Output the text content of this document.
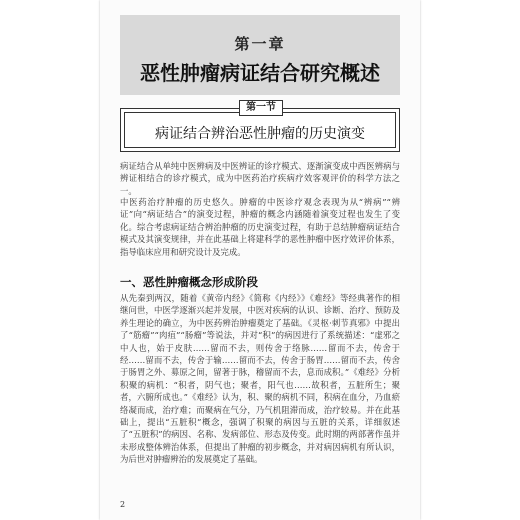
第一章
恶性肿瘤病证结合研究概述
第一节
病证结合辨治恶性肿瘤的历史演变
病证结合从单纯中医辨病及中医辨证的诊疗模式、逐渐演变成中西医辨病与辨证相结合的诊疗模式，成为中医药治疗疾病疗效客观评价的科学方法之一。
中医药治疗肿瘤的历史悠久。肿瘤的中医诊疗观念表现为从“辨病”“辨证”向“病证结合”的演变过程，肿瘤的概念内涵随着演变过程也发生了变化。综合考虑病证结合辨治肿瘤的历史演变过程，有助于总结肿瘤病证结合模式及其演变规律，并在此基础上将建科学的恶性肿瘤中医疗效评价体系，指导临床应用和研究设计及完成。
一、恶性肿瘤概念形成阶段
从先秦到两汉，随着《黄帝内经》《简称《内经》》《难经》等经典著作的相继问世，中医学逐渐兴起并发展，中医对疾病的认识、诊断、治疗、预防及养生理论的确立，为中医药辨治肿瘤奠定了基础。《灵枢·刺节真邪》中提出了“筋瘤”“肉疽”“肠瘤”等说法，并对“积”的病因进行了系统描述：“虚邪之中人也，始于皮肤……留而不去，则传舍于络脉……留而不去，传舍于经……留而不去，传舍于输……留而不去，传舍于肠胃……留而不去，传舍于肠胃之外、募原之间，留著于脉，稽留而不去，息而成积。”《难经》分析积聚的病机：“积者，阴气也；聚者，阳气也……故积者，五脏所生；聚者，六腑所成也。”《难经》认为，积、聚的病机不同，积病在血分，乃血瘀络凝而成，治疗难；而聚病在气分，乃气机阻滞而成，治疗较易。并在此基础上，提出“五脏积”概念，强调了积聚的病因与五脏的关系，详细叙述了“五脏积”的病因、名称、发病部位、形态及传变。此时期的两部著作虽并未形成整体辨治体系，但提出了肿瘤的初步概念，并对病因病机有所认识，为后世对肿瘤辨治的发展奠定了基础。
2
